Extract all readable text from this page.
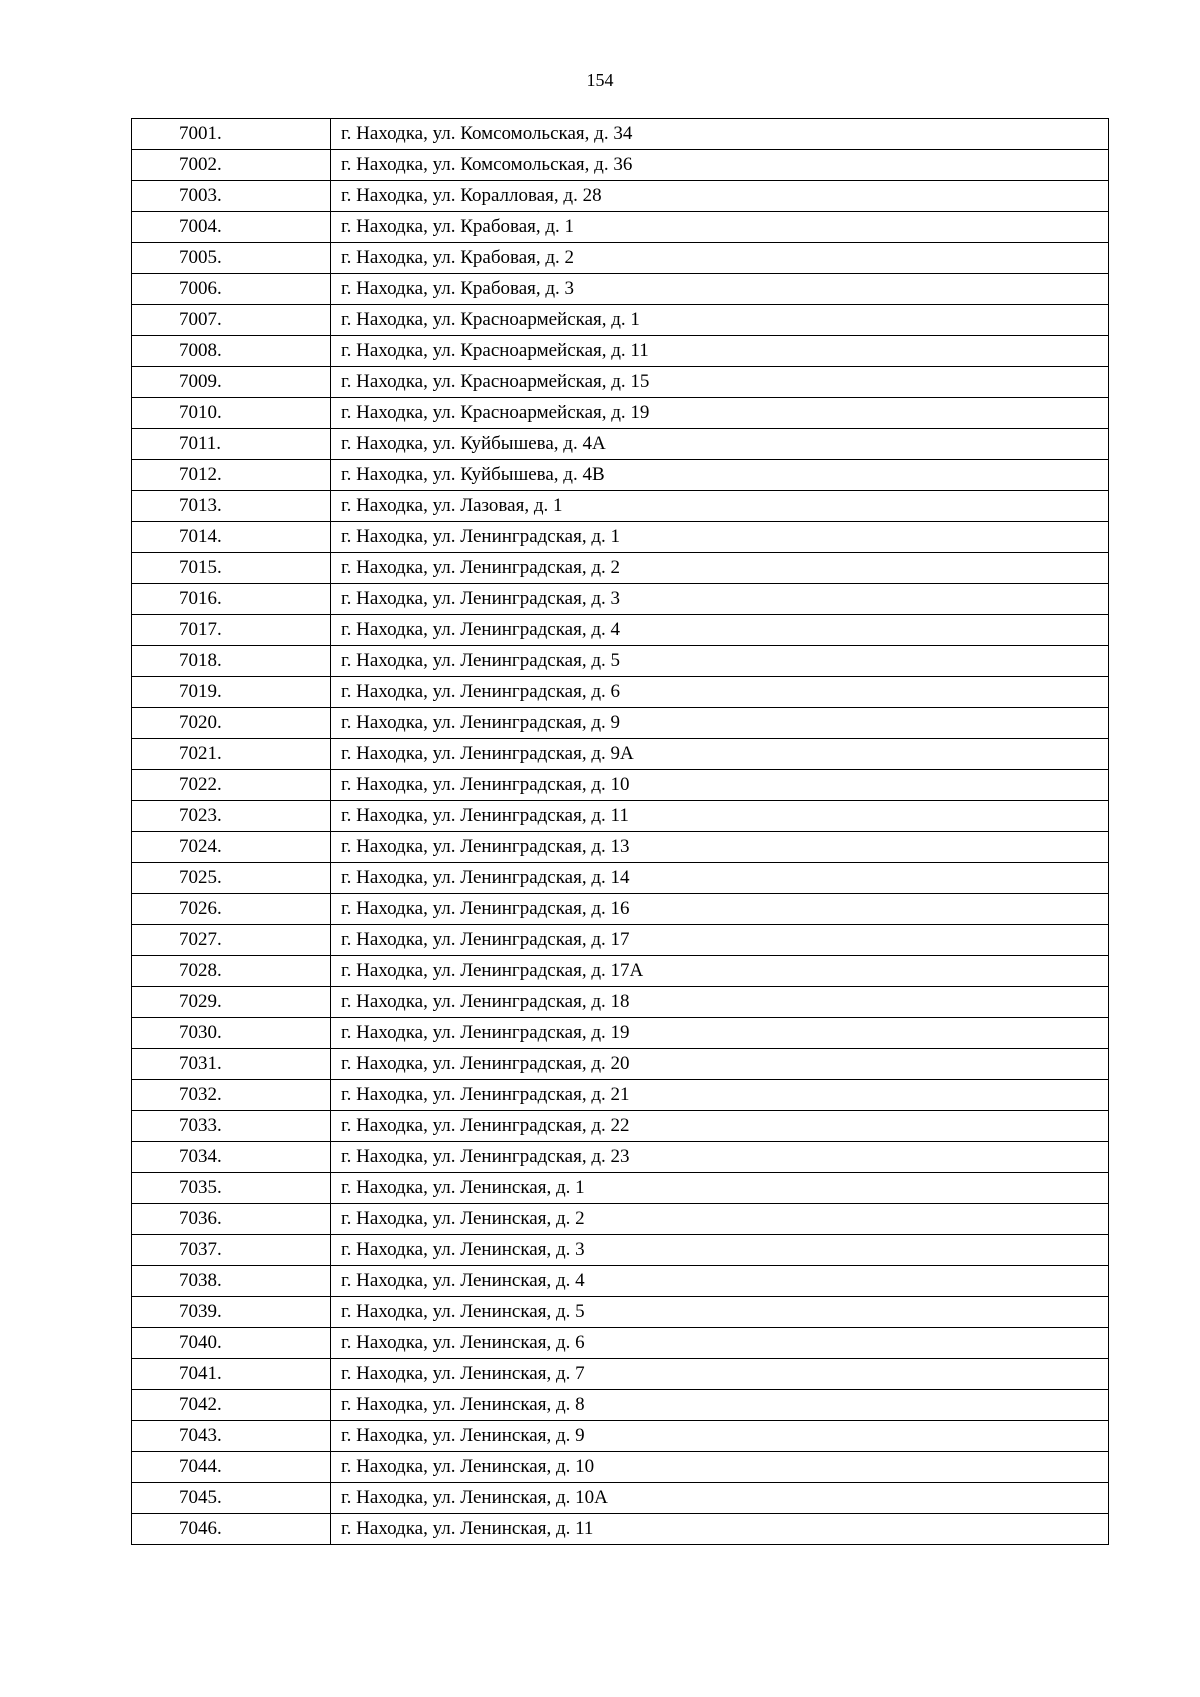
154
7001.	г. Находка, ул. Комсомольская, д. 34
7002.	г. Находка, ул. Комсомольская, д. 36
7003.	г. Находка, ул. Коралловая, д. 28
7004.	г. Находка, ул. Крабовая, д. 1
7005.	г. Находка, ул. Крабовая, д. 2
7006.	г. Находка, ул. Крабовая, д. 3
7007.	г. Находка, ул. Красноармейская, д. 1
7008.	г. Находка, ул. Красноармейская, д. 11
7009.	г. Находка, ул. Красноармейская, д. 15
7010.	г. Находка, ул. Красноармейская, д. 19
7011.	г. Находка, ул. Куйбышева, д. 4А
7012.	г. Находка, ул. Куйбышева, д. 4В
7013.	г. Находка, ул. Лазовая, д. 1
7014.	г. Находка, ул. Ленинградская, д. 1
7015.	г. Находка, ул. Ленинградская, д. 2
7016.	г. Находка, ул. Ленинградская, д. 3
7017.	г. Находка, ул. Ленинградская, д. 4
7018.	г. Находка, ул. Ленинградская, д. 5
7019.	г. Находка, ул. Ленинградская, д. 6
7020.	г. Находка, ул. Ленинградская, д. 9
7021.	г. Находка, ул. Ленинградская, д. 9А
7022.	г. Находка, ул. Ленинградская, д. 10
7023.	г. Находка, ул. Ленинградская, д. 11
7024.	г. Находка, ул. Ленинградская, д. 13
7025.	г. Находка, ул. Ленинградская, д. 14
7026.	г. Находка, ул. Ленинградская, д. 16
7027.	г. Находка, ул. Ленинградская, д. 17
7028.	г. Находка, ул. Ленинградская, д. 17А
7029.	г. Находка, ул. Ленинградская, д. 18
7030.	г. Находка, ул. Ленинградская, д. 19
7031.	г. Находка, ул. Ленинградская, д. 20
7032.	г. Находка, ул. Ленинградская, д. 21
7033.	г. Находка, ул. Ленинградская, д. 22
7034.	г. Находка, ул. Ленинградская, д. 23
7035.	г. Находка, ул. Ленинская, д. 1
7036.	г. Находка, ул. Ленинская, д. 2
7037.	г. Находка, ул. Ленинская, д. 3
7038.	г. Находка, ул. Ленинская, д. 4
7039.	г. Находка, ул. Ленинская, д. 5
7040.	г. Находка, ул. Ленинская, д. 6
7041.	г. Находка, ул. Ленинская, д. 7
7042.	г. Находка, ул. Ленинская, д. 8
7043.	г. Находка, ул. Ленинская, д. 9
7044.	г. Находка, ул. Ленинская, д. 10
7045.	г. Находка, ул. Ленинская, д. 10А
7046.	г. Находка, ул. Ленинская, д. 11
